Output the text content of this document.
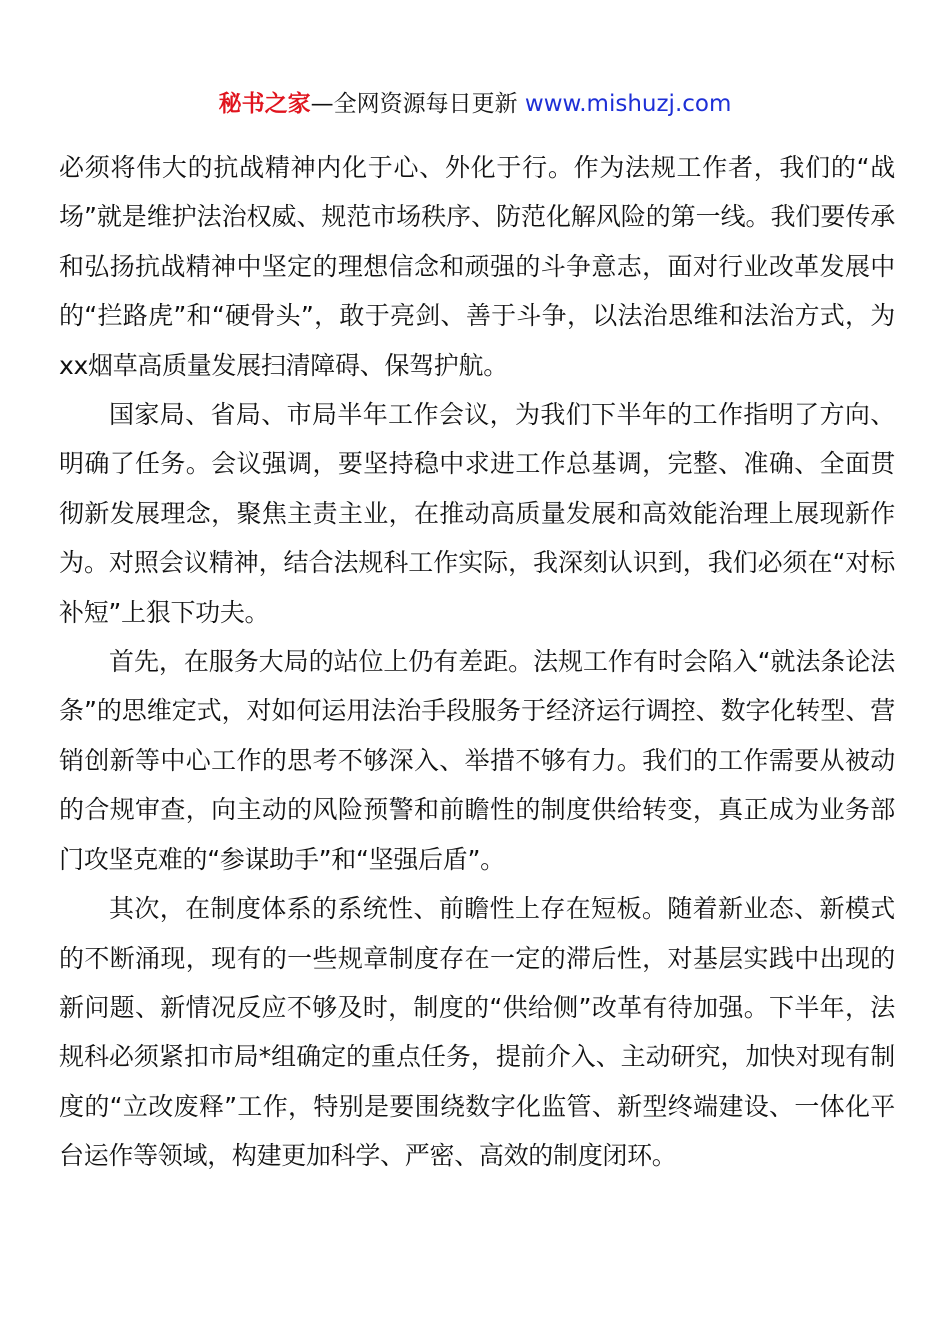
秘书之家—全网资源每日更新 www.mishuzj.com

必须将伟大的抗战精神内化于心、外化于行。作为法规工作者，我们的“战场”就是维护法治权威、规范市场秩序、防范化解风险的第一线。我们要传承和弘扬抗战精神中坚定的理想信念和顽强的斗争意志，面对行业改革发展中的“拦路虎”和“硬骨头”，敢于亮剑、善于斗争，以法治思维和法治方式，为xx烟草高质量发展扫清障碍、保驾护航。

国家局、省局、市局半年工作会议，为我们下半年的工作指明了方向、明确了任务。会议强调，要坚持稳中求进工作总基调，完整、准确、全面贯彻新发展理念，聚焦主责主业，在推动高质量发展和高效能治理上展现新作为。对照会议精神，结合法规科工作实际，我深刻认识到，我们必须在“对标补短”上狠下功夫。

首先，在服务大局的站位上仍有差距。法规工作有时会陷入“就法条论法条”的思维定式，对如何运用法治手段服务于经济运行调控、数字化转型、营销创新等中心工作的思考不够深入、举措不够有力。我们的工作需要从被动的合规审查，向主动的风险预警和前瞻性的制度供给转变，真正成为业务部门攻坚克难的“参谋助手”和“坚强后盾”。

其次，在制度体系的系统性、前瞻性上存在短板。随着新业态、新模式的不断涌现，现有的一些规章制度存在一定的滞后性，对基层实践中出现的新问题、新情况反应不够及时，制度的“供给侧”改革有待加强。下半年，法规科必须紧扣市局*组确定的重点任务，提前介入、主动研究，加快对现有制度的“立改废释”工作，特别是要围绕数字化监管、新型终端建设、一体化平台运作等领域，构建更加科学、严密、高效的制度闭环。
